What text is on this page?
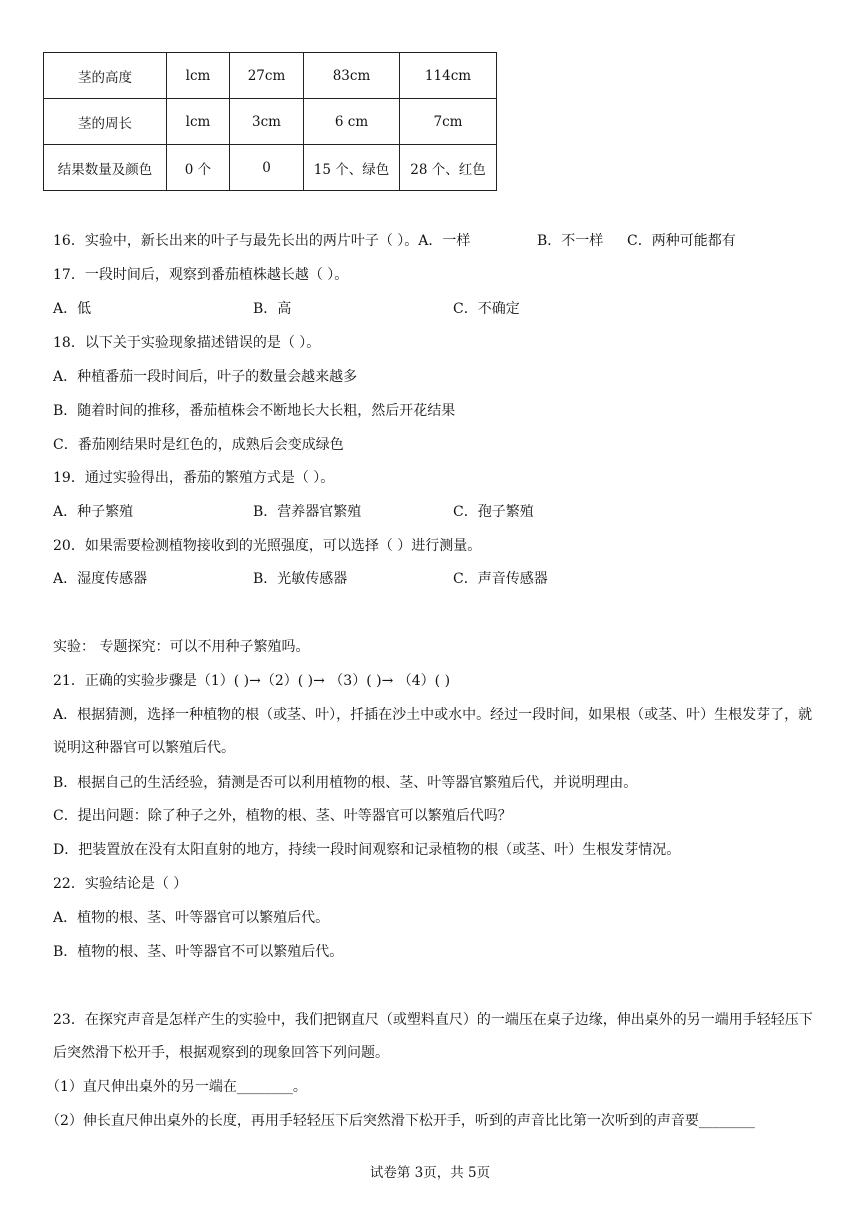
茎的高度	lcm	27cm	83cm	114cm
茎的周长	lcm	3cm	6 cm	7cm
结果数量及颜色	0 个	0	15 个、绿色	28 个、红色
16．实验中，新长出来的叶子与最先长出的两片叶子（ ）。A．一样	B．不一样 C．两种可能都有
17．一段时间后，观察到番茄植株越长越（ ）。
A．低	B．高	C．不确定
18．以下关于实验现象描述错误的是（ ）。
A．种植番茄一段时间后，叶子的数量会越来越多
B．随着时间的推移，番茄植株会不断地长大长粗，然后开花结果
C．番茄刚结果时是红色的，成熟后会变成绿色
19．通过实验得出，番茄的繁殖方式是（ ）。
A．种子繁殖	B．营养器官繁殖	C．孢子繁殖
20．如果需要检测植物接收到的光照强度，可以选择（ ）进行测量。
A．湿度传感器	B．光敏传感器	C．声音传感器
实验： 专题探究：可以不用种子繁殖吗。
21．正确的实验步骤是（1）( )→（2）( )→ （3）( )→ （4）( )
A．根据猜测，选择一种植物的根（或茎、叶），扦插在沙土中或水中。经过一段时间，如果根（或茎、叶）生根发芽了，就说明这种器官可以繁殖后代。
B．根据自己的生活经验，猜测是否可以利用植物的根、茎、叶等器官繁殖后代，并说明理由。
C．提出问题：除了种子之外，植物的根、茎、叶等器官可以繁殖后代吗？
D．把装置放在没有太阳直射的地方，持续一段时间观察和记录植物的根（或茎、叶）生根发芽情况。
22．实验结论是（ ）
A．植物的根、茎、叶等器官可以繁殖后代。
B．植物的根、茎、叶等器官不可以繁殖后代。
23．在探究声音是怎样产生的实验中，我们把钢直尺（或塑料直尺）的一端压在桌子边缘，伸出桌外的另一端用手轻轻压下后突然滑下松开手，根据观察到的现象回答下列问题。
（1）直尺伸出桌外的另一端在________。
（2）伸长直尺伸出桌外的长度，再用手轻轻压下后突然滑下松开手，听到的声音比比第一次听到的声音要________
试卷第 3页，共 5页
